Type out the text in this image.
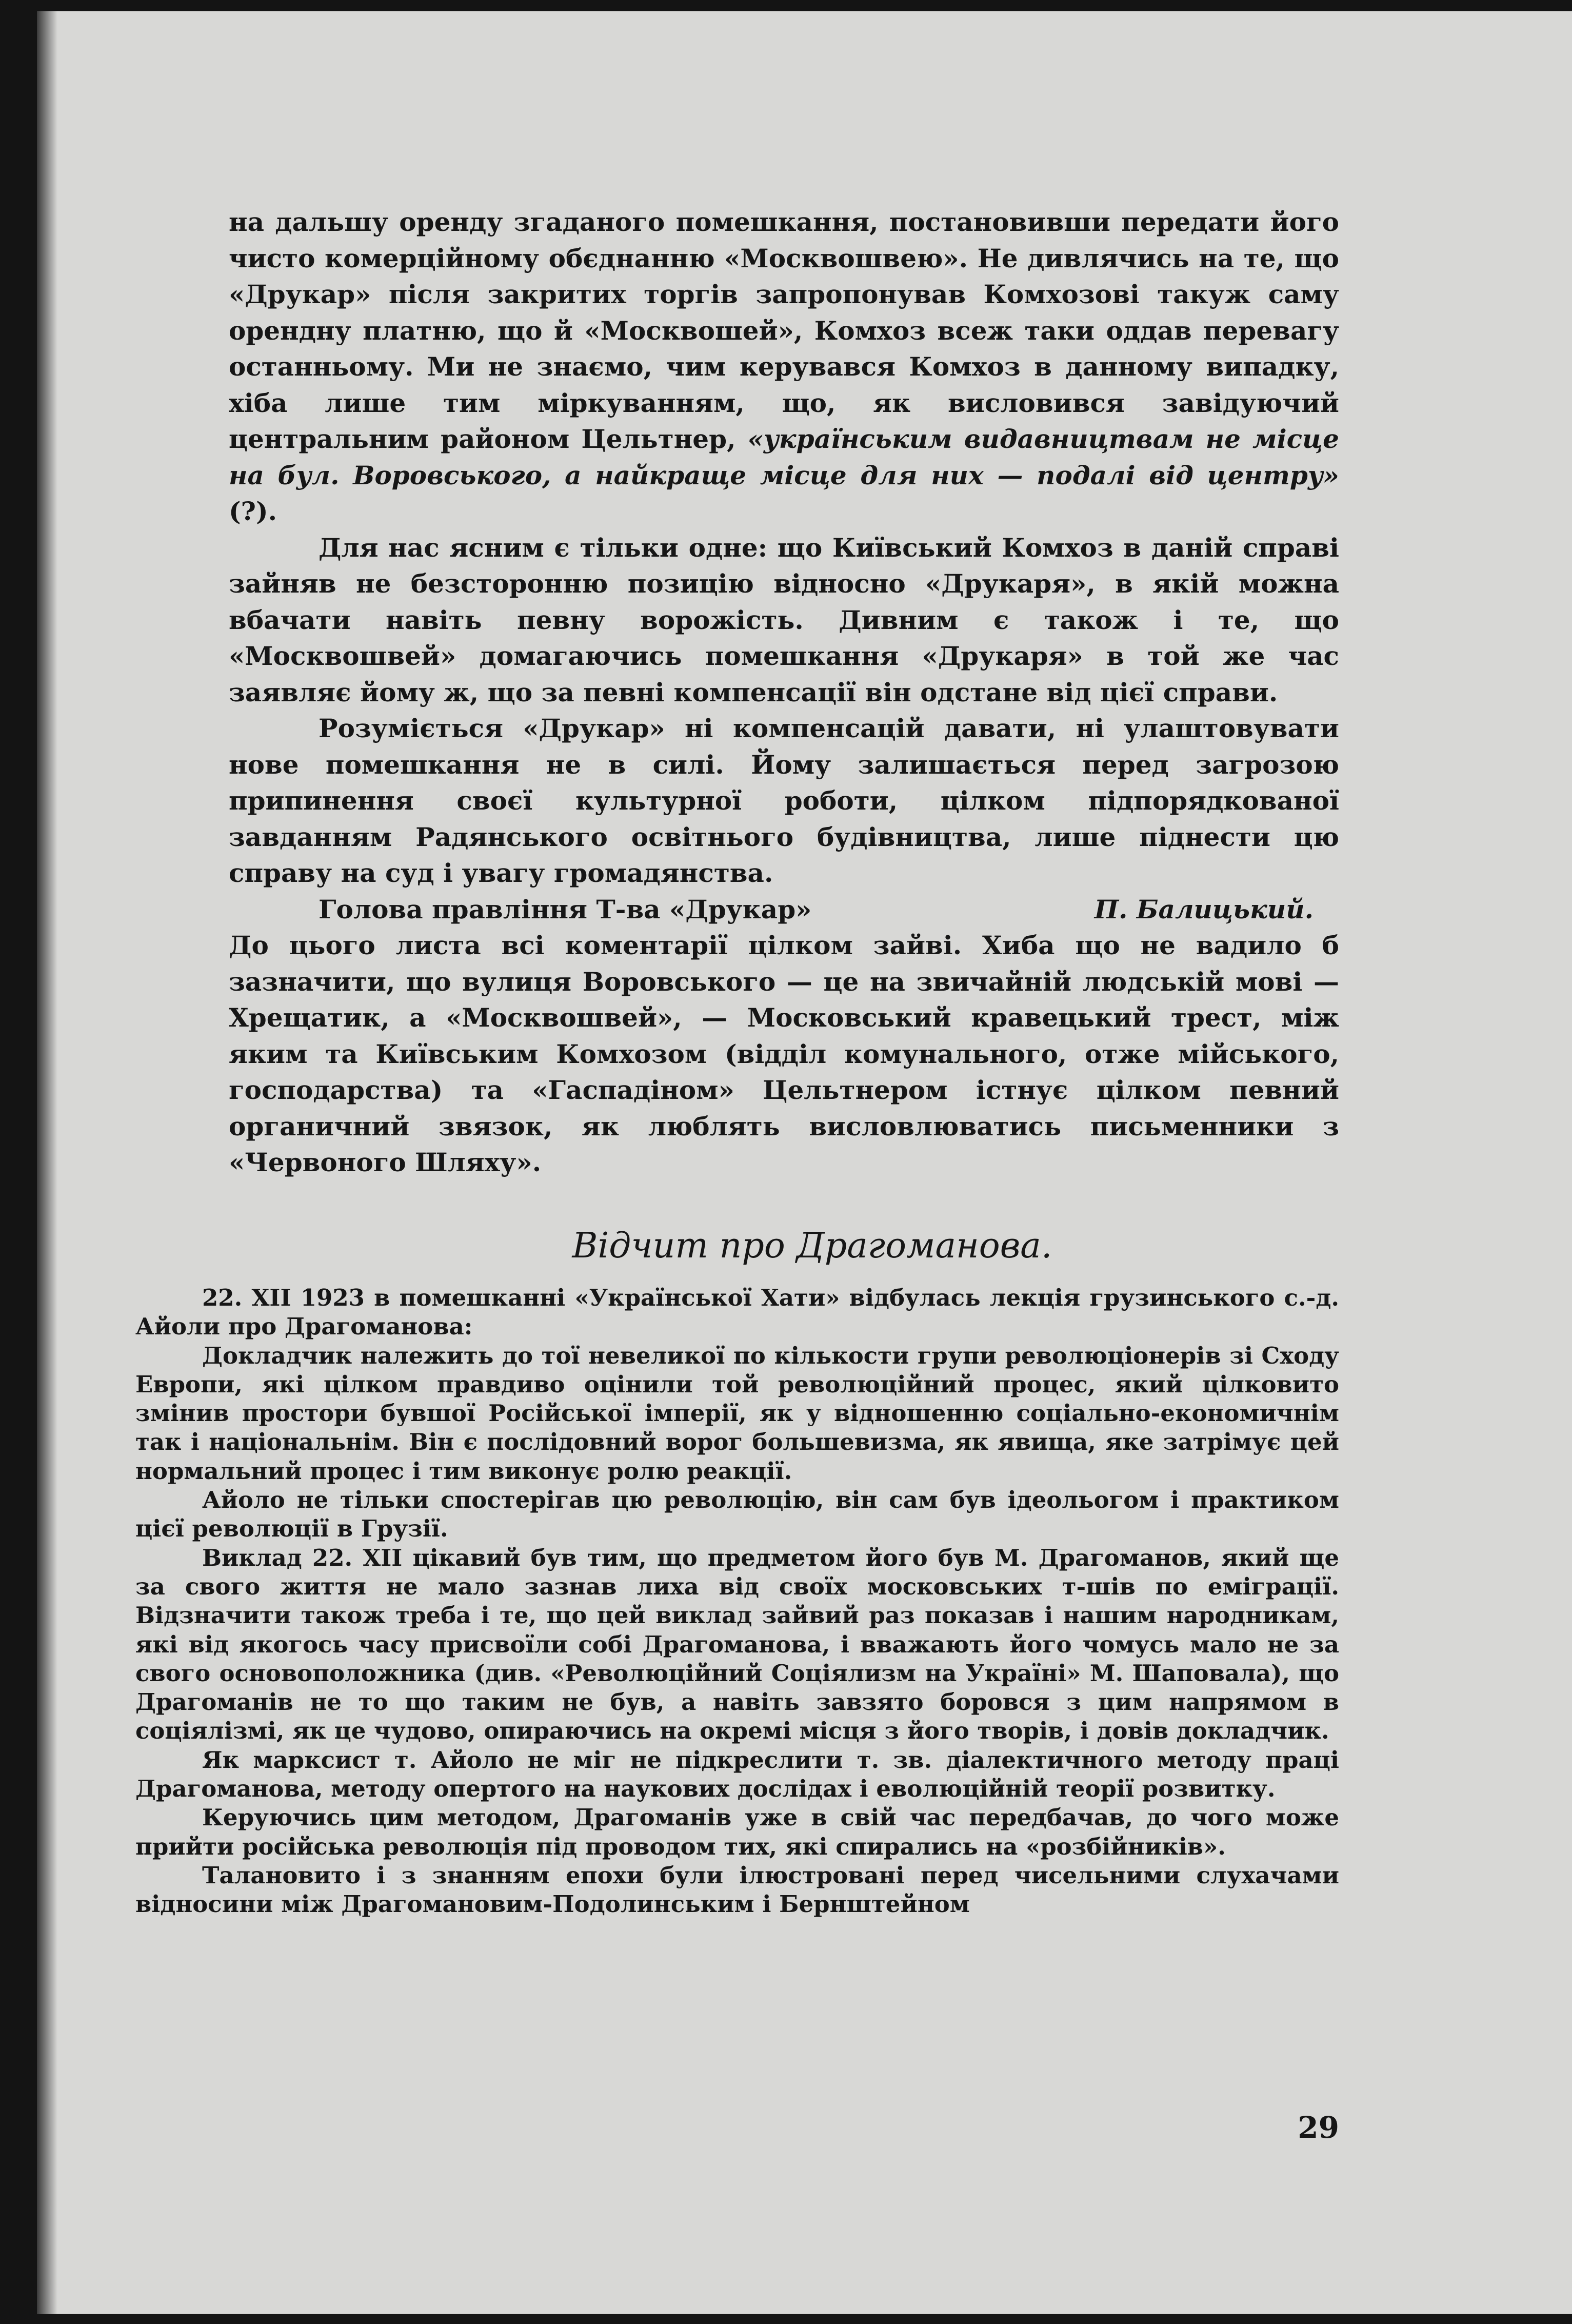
на дальшу оренду згаданого помешкання, постановивши передати його чисто комерційному обєднанню «Москвошвею». Не дивлячись на те, що «Друкар» після закритих торгів запропонував Комхозові такуж саму орендну платню, що й «Москвошей», Комхоз всеж таки оддав перевагу останньому. Ми не знаємо, чим керувався Комхоз в данному випадку, хіба лише тим міркуванням, що, як висловився завідуючий центральним районом Цельтнер, «українським видавництвам не місце на бул. Воровського, а найкраще місце для них — подалі від центру» (?).

Для нас ясним є тільки одне: що Київський Комхоз в даній справі зайняв не безсторонню позицію відносно «Друкаря», в якій можна вбачати навіть певну ворожість. Дивним є також і те, що «Москвошвей» домагаючись помешкання «Друкаря» в той же час заявляє йому ж, що за певні компенсації він одстане від цієї справи.

Розуміється «Друкар» ні компенсацій давати, ні улаштовувати нове помешкання не в силі. Йому залишається перед загрозою припинення своєї культурної роботи, цілком підпорядкованої завданням Радянського освітнього будівництва, лише піднести цю справу на суд і увагу громадянства.

Голова правління Т-ва «Друкар»	П. Балицький.

До цього листа всі коментарії цілком зайві. Хиба що не вадило б зазначити, що вулиця Воровського — це на звичайній людській мові — Хрещатик, а «Москвошвей», — Московський кравецький трест, між яким та Київським Комхозом (відділ комунального, отже мійського, господарства) та «Гаспадіном» Цельтнером істнує цілком певний органичний звязок, як люблять висловлюватись письменники з «Червоного Шляху».

Відчит про Драгоманова.

22. XII 1923 в помешканні «Української Хати» відбулась лекція грузинського с.-д. Айоли про Драгоманова:

Докладчик належить до тої невеликої по кількости групи революціонерів зі Сходу Европи, які цілком правдиво оцінили той революційний процес, який цілковито змінив простори бувшої Російської імперії, як у відношенню соціально-економичнім так і національнім. Він є послідовний ворог большевизма, як явища, яке затрімує цей нормальний процес і тим виконує ролю реакції.

Айоло не тільки спостерігав цю революцію, він сам був ідеольогом і практиком цієї революції в Грузії.

Виклад 22. XII цікавий був тим, що предметом його був М. Драгоманов, який ще за свого життя не мало зазнав лиха від своїх московських т-шів по еміграції. Відзначити також треба і те, що цей виклад зайвий раз показав і нашим народникам, які від якогось часу присвоїли собі Драгоманова, і вважають його чомусь мало не за свого основоположника (див. «Революційний Соціялизм на Україні» М. Шаповала), що Драгоманів не то що таким не був, а навіть завзято боровся з цим напрямом в соціялізмі, як це чудово, опираючись на окремі місця з його творів, і довів докладчик.

Як марксист т. Айоло не міг не підкреслити т. зв. діалектичного методу праці Драгоманова, методу опертого на наукових дослідах і еволюційній теорії розвитку.

Керуючись цим методом, Драгоманів уже в свій час передбачав, до чого може прийти російська революція під проводом тих, які спирались на «розбійників».

Талановито і з знанням епохи були ілюстровані перед чисельними слухачами відносини між Драгомановим-Подолинським і Бернштейном

29
